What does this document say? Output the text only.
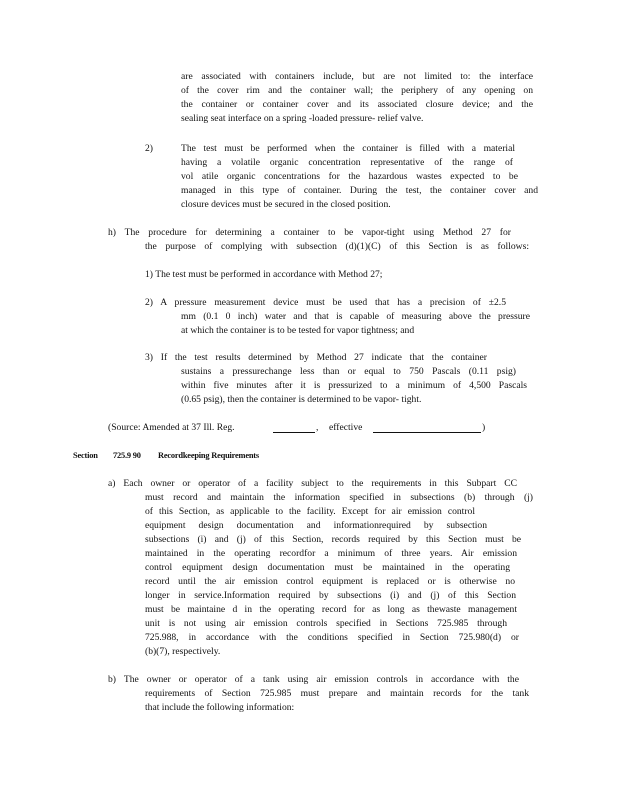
are associated with containers include, but are not limited to: the interface
of the cover rim and the container wall; the periphery of any opening on
the container or container cover and its associated closure device; and the
sealing seat interface on a spring -loaded pressure- relief valve.
2)	The test must be performed when the container is filled with a material
having a volatile organic concentration representative of the range of
vol atile organic concentrations for the hazardous wastes expected to be
managed in this type of container. During the test, the container cover and
closure devices must be secured in the closed position.
h) The procedure for determining a container to be vapor-tight using Method 27 for
the purpose of complying with subsection (d)(1)(C) of this Section is as follows:
1) The test must be performed in accordance with Method 27;
2) A pressure measurement device must be used that has a precision of ±2.5
mm (0.1 0 inch) water and that is capable of measuring above the pressure
at which the container is to be tested for vapor tightness; and
3) If the test results determined by Method 27 indicate that the container
sustains a pressurechange less than or equal to 750 Pascals (0.11 psig)
within five minutes after it is pressurized to a minimum of 4,500 Pascals
(0.65 psig), then the container is determined to be vapor- tight.
(Source: Amended at 37 Ill. Reg.	, effective	)
Section 725.9 90 Recordkeeping Requirements
a) Each owner or operator of a facility subject to the requirements in this Subpart CC
must record and maintain the information specified in subsections (b) through (j)
of this Section, as applicable to the facility. Except for air emission control
equipment design documentation and informationrequired by subsection
subsections (i) and (j) of this Section, records required by this Section must be
maintained in the operating recordfor a minimum of three years. Air emission
control equipment design documentation must be maintained in the operating
record until the air emission control equipment is replaced or is otherwise no
longer in service.Information required by subsections (i) and (j) of this Section
must be maintaine d in the operating record for as long as thewaste management
unit is not using air emission controls specified in Sections 725.985 through
725.988, in accordance with the conditions specified in Section 725.980(d) or
(b)(7), respectively.
b) The owner or operator of a tank using air emission controls in accordance with the
requirements of Section 725.985 must prepare and maintain records for the tank
that include the following information:
